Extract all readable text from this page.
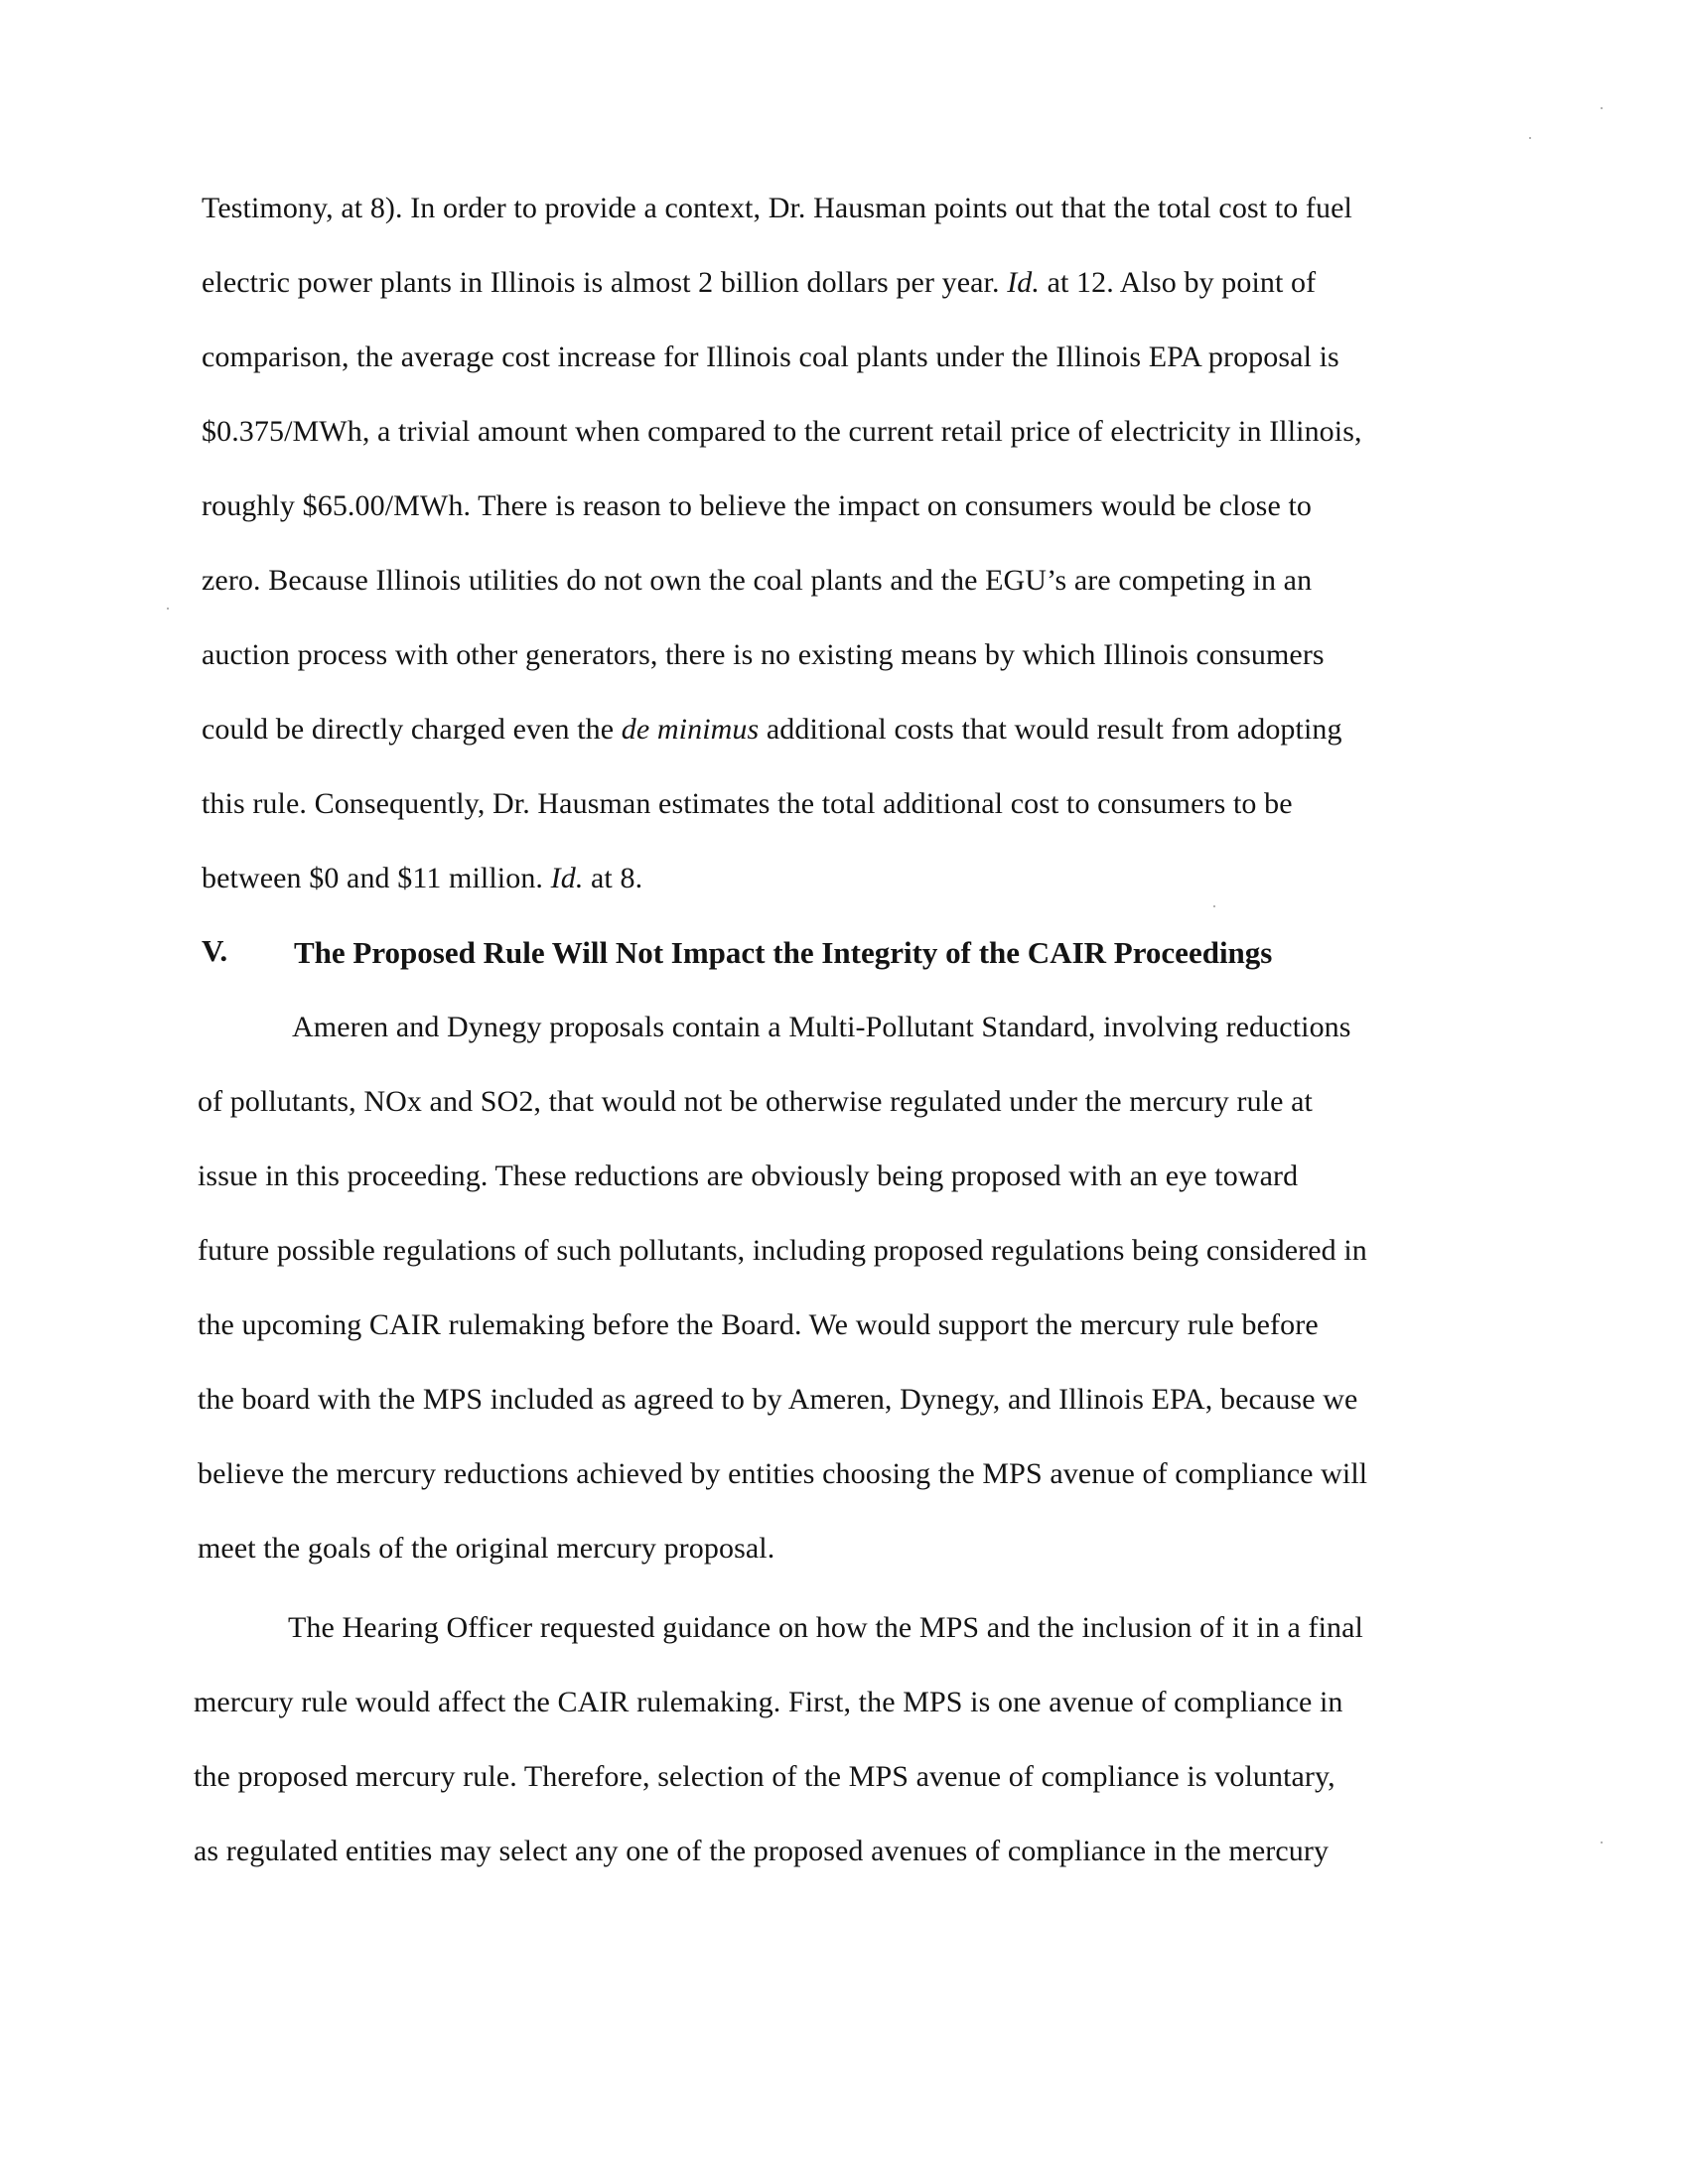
Testimony, at 8). In order to provide a context, Dr. Hausman points out that the total cost to fuel
electric power plants in Illinois is almost 2 billion dollars per year. Id. at 12. Also by point of
comparison, the average cost increase for Illinois coal plants under the Illinois EPA proposal is
$0.375/MWh, a trivial amount when compared to the current retail price of electricity in Illinois,
roughly $65.00/MWh. There is reason to believe the impact on consumers would be close to
zero. Because Illinois utilities do not own the coal plants and the EGU’s are competing in an
auction process with other generators, there is no existing means by which Illinois consumers
could be directly charged even the de minimus additional costs that would result from adopting
this rule. Consequently, Dr. Hausman estimates the total additional cost to consumers to be
between $0 and $11 million. Id. at 8.
V. The Proposed Rule Will Not Impact the Integrity of the CAIR Proceedings
Ameren and Dynegy proposals contain a Multi-Pollutant Standard, involving reductions
of pollutants, NOx and SO2, that would not be otherwise regulated under the mercury rule at
issue in this proceeding. These reductions are obviously being proposed with an eye toward
future possible regulations of such pollutants, including proposed regulations being considered in
the upcoming CAIR rulemaking before the Board. We would support the mercury rule before
the board with the MPS included as agreed to by Ameren, Dynegy, and Illinois EPA, because we
believe the mercury reductions achieved by entities choosing the MPS avenue of compliance will
meet the goals of the original mercury proposal.
The Hearing Officer requested guidance on how the MPS and the inclusion of it in a final
mercury rule would affect the CAIR rulemaking. First, the MPS is one avenue of compliance in
the proposed mercury rule. Therefore, selection of the MPS avenue of compliance is voluntary,
as regulated entities may select any one of the proposed avenues of compliance in the mercury
